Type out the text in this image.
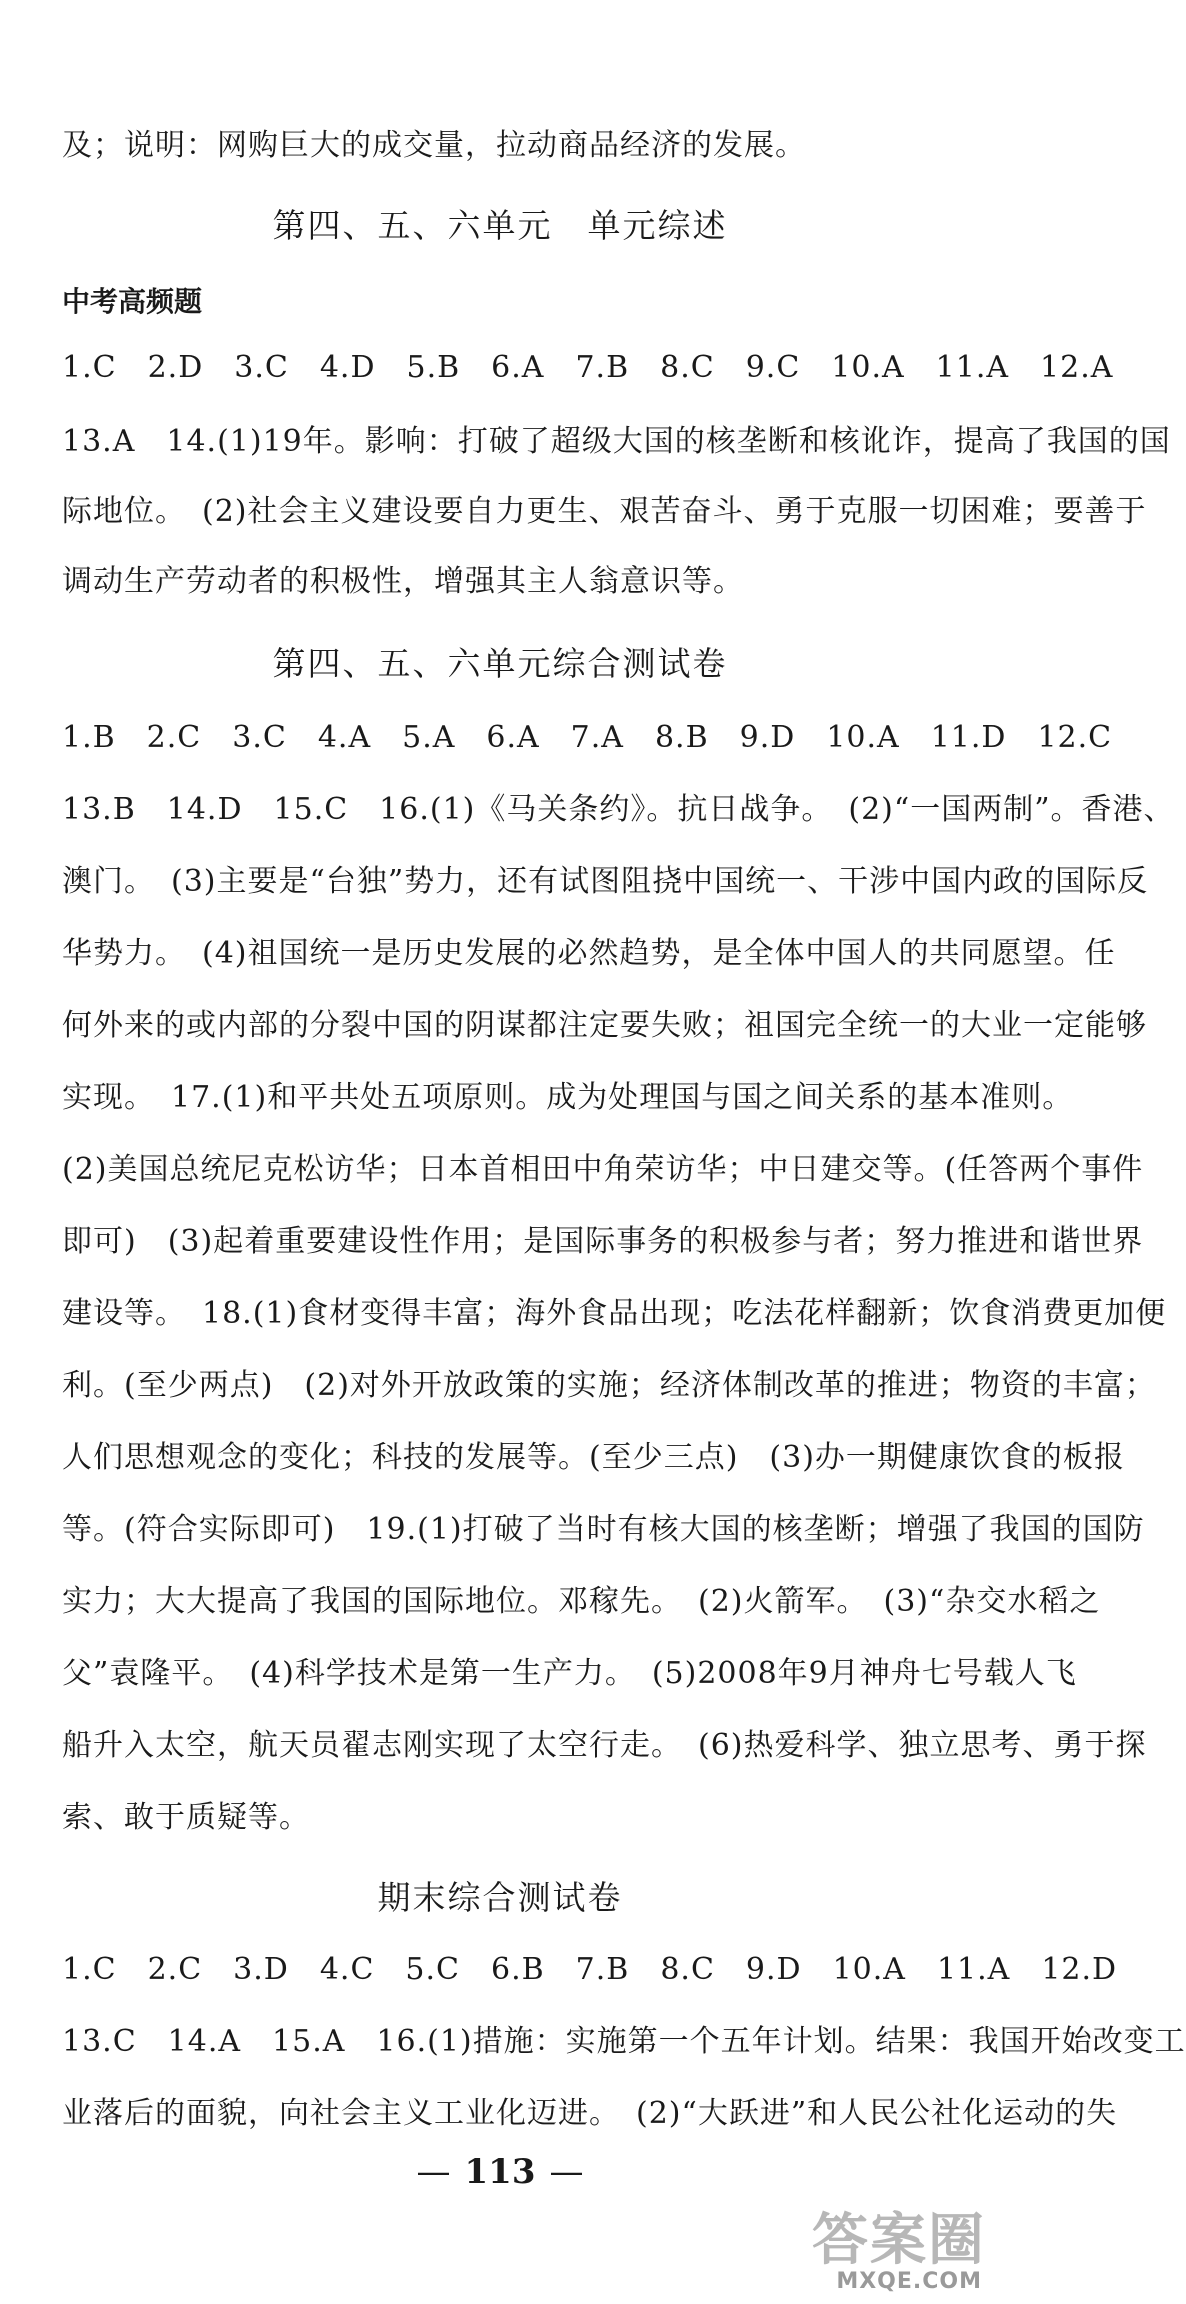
及；说明：网购巨大的成交量，拉动商品经济的发展。
第四、五、六单元　单元综述
中考高频题
1.C　2.D　3.C　4.D　5.B　6.A　7.B　8.C　9.C　10.A　11.A　12.A
13.A　14.(1)19年。影响：打破了超级大国的核垄断和核讹诈，提高了我国的国
际地位。　(2)社会主义建设要自力更生、艰苦奋斗、勇于克服一切困难；要善于
调动生产劳动者的积极性，增强其主人翁意识等。
第四、五、六单元综合测试卷
1.B　2.C　3.C　4.A　5.A　6.A　7.A　8.B　9.D　10.A　11.D　12.C
13.B　14.D　15.C　16.(1)《马关条约》。抗日战争。　(2)“一国两制”。香港、
澳门。　(3)主要是“台独”势力，还有试图阻挠中国统一、干涉中国内政的国际反
华势力。　(4)祖国统一是历史发展的必然趋势，是全体中国人的共同愿望。任
何外来的或内部的分裂中国的阴谋都注定要失败；祖国完全统一的大业一定能够
实现。　17.(1)和平共处五项原则。成为处理国与国之间关系的基本准则。
(2)美国总统尼克松访华；日本首相田中角荣访华；中日建交等。(任答两个事件
即可)　(3)起着重要建设性作用；是国际事务的积极参与者；努力推进和谐世界
建设等。　18.(1)食材变得丰富；海外食品出现；吃法花样翻新；饮食消费更加便
利。(至少两点)　(2)对外开放政策的实施；经济体制改革的推进；物资的丰富；
人们思想观念的变化；科技的发展等。(至少三点)　(3)办一期健康饮食的板报
等。(符合实际即可)　19.(1)打破了当时有核大国的核垄断；增强了我国的国防
实力；大大提高了我国的国际地位。邓稼先。　(2)火箭军。　(3)“杂交水稻之
父”袁隆平。　(4)科学技术是第一生产力。　(5)2008年9月神舟七号载人飞
船升入太空，航天员翟志刚实现了太空行走。　(6)热爱科学、独立思考、勇于探
索、敢于质疑等。
期末综合测试卷
1.C　2.C　3.D　4.C　5.C　6.B　7.B　8.C　9.D　10.A　11.A　12.D
13.C　14.A　15.A　16.(1)措施：实施第一个五年计划。结果：我国开始改变工
业落后的面貌，向社会主义工业化迈进。　(2)“大跃进”和人民公社化运动的失
— 113 —
答案圈
MXQE.COM
